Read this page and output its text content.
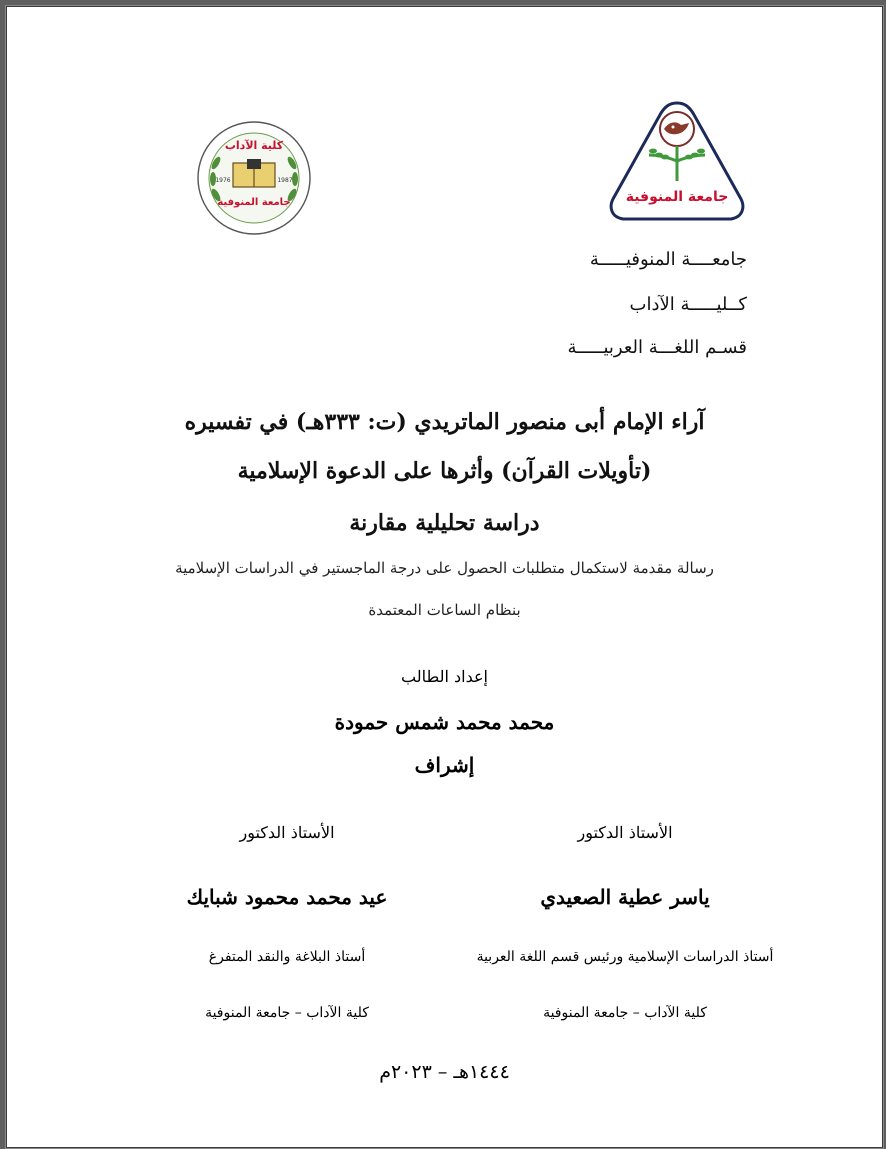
جامعة المنوفية
كلية الآداب
1976	1987
جامعة المنوفية
جامعــــة المنوفيـــــة
كــليـــــة الآداب
قسـم اللغـــة العربيـــــة
آراء الإمام أبى منصور الماتريدي (ت: ٣٣٣هـ) في تفسيره
(تأويلات القرآن) وأثرها على الدعوة الإسلامية
دراسة تحليلية مقارنة
رسالة مقدمة لاستكمال متطلبات الحصول على درجة الماجستير في الدراسات الإسلامية
بنظام الساعات المعتمدة
إعداد الطالب
محمد محمد شمس حمودة
إشراف
الأستاذ الدكتور
ياسر عطية الصعيدي
أستاذ الدراسات الإسلامية ورئيس قسم اللغة العربية
كلية الآداب – جامعة المنوفية
الأستاذ الدكتور
عيد محمد محمود شبايك
أستاذ البلاغة والنقد المتفرغ
كلية الآداب – جامعة المنوفية
١٤٤٤هـ – ٢٠٢٣م
